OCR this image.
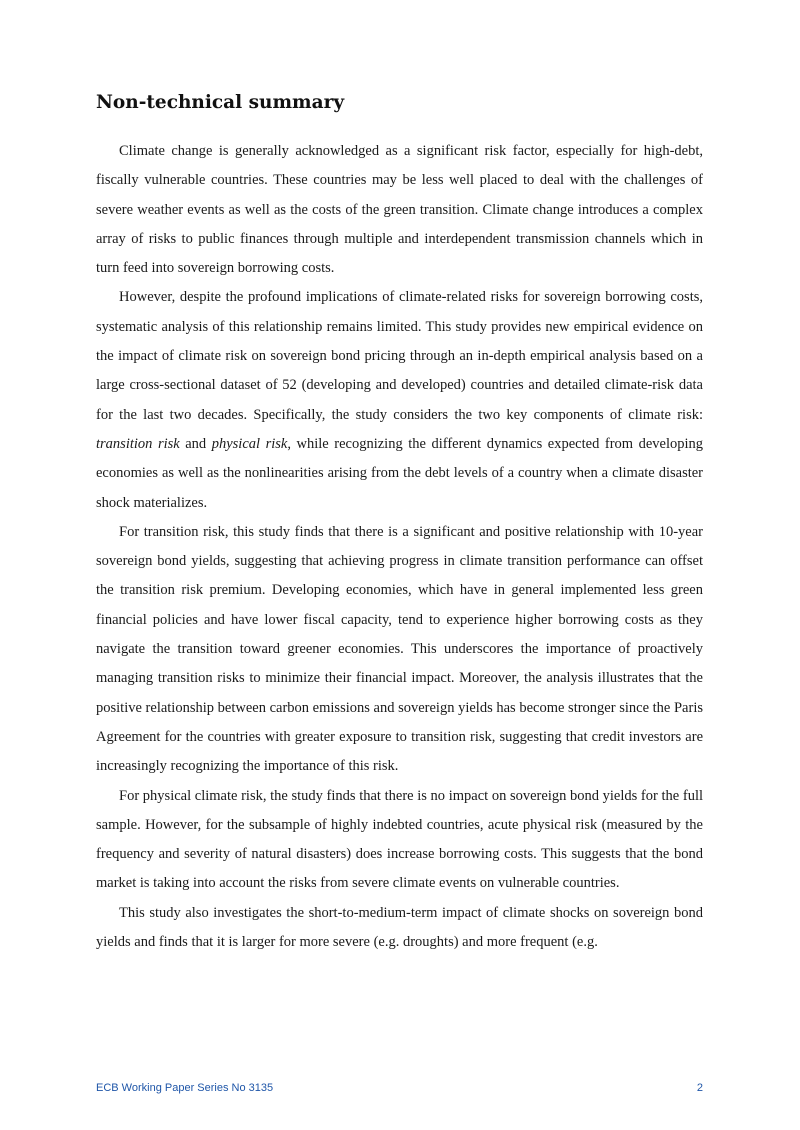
Non-technical summary

Climate change is generally acknowledged as a significant risk factor, especially for high-debt, fiscally vulnerable countries. These countries may be less well placed to deal with the challenges of severe weather events as well as the costs of the green transition. Climate change introduces a complex array of risks to public finances through multiple and interdependent transmission channels which in turn feed into sovereign borrowing costs.

However, despite the profound implications of climate-related risks for sovereign borrowing costs, systematic analysis of this relationship remains limited. This study provides new empirical evidence on the impact of climate risk on sovereign bond pricing through an in-depth empirical analysis based on a large cross-sectional dataset of 52 (developing and developed) countries and detailed climate-risk data for the last two decades. Specifically, the study considers the two key components of climate risk: transition risk and physical risk, while recognizing the different dynamics expected from developing economies as well as the nonlinearities arising from the debt levels of a country when a climate disaster shock materializes.

For transition risk, this study finds that there is a significant and positive relationship with 10-year sovereign bond yields, suggesting that achieving progress in climate transition performance can offset the transition risk premium. Developing economies, which have in general implemented less green financial policies and have lower fiscal capacity, tend to experience higher borrowing costs as they navigate the transition toward greener economies. This underscores the importance of proactively managing transition risks to minimize their financial impact. Moreover, the analysis illustrates that the positive relationship between carbon emissions and sovereign yields has become stronger since the Paris Agreement for the countries with greater exposure to transition risk, suggesting that credit investors are increasingly recognizing the importance of this risk.

For physical climate risk, the study finds that there is no impact on sovereign bond yields for the full sample. However, for the subsample of highly indebted countries, acute physical risk (measured by the frequency and severity of natural disasters) does increase borrowing costs. This suggests that the bond market is taking into account the risks from severe climate events on vulnerable countries.

This study also investigates the short-to-medium-term impact of climate shocks on sovereign bond yields and finds that it is larger for more severe (e.g. droughts) and more frequent (e.g.

ECB Working Paper Series No 3135	2
